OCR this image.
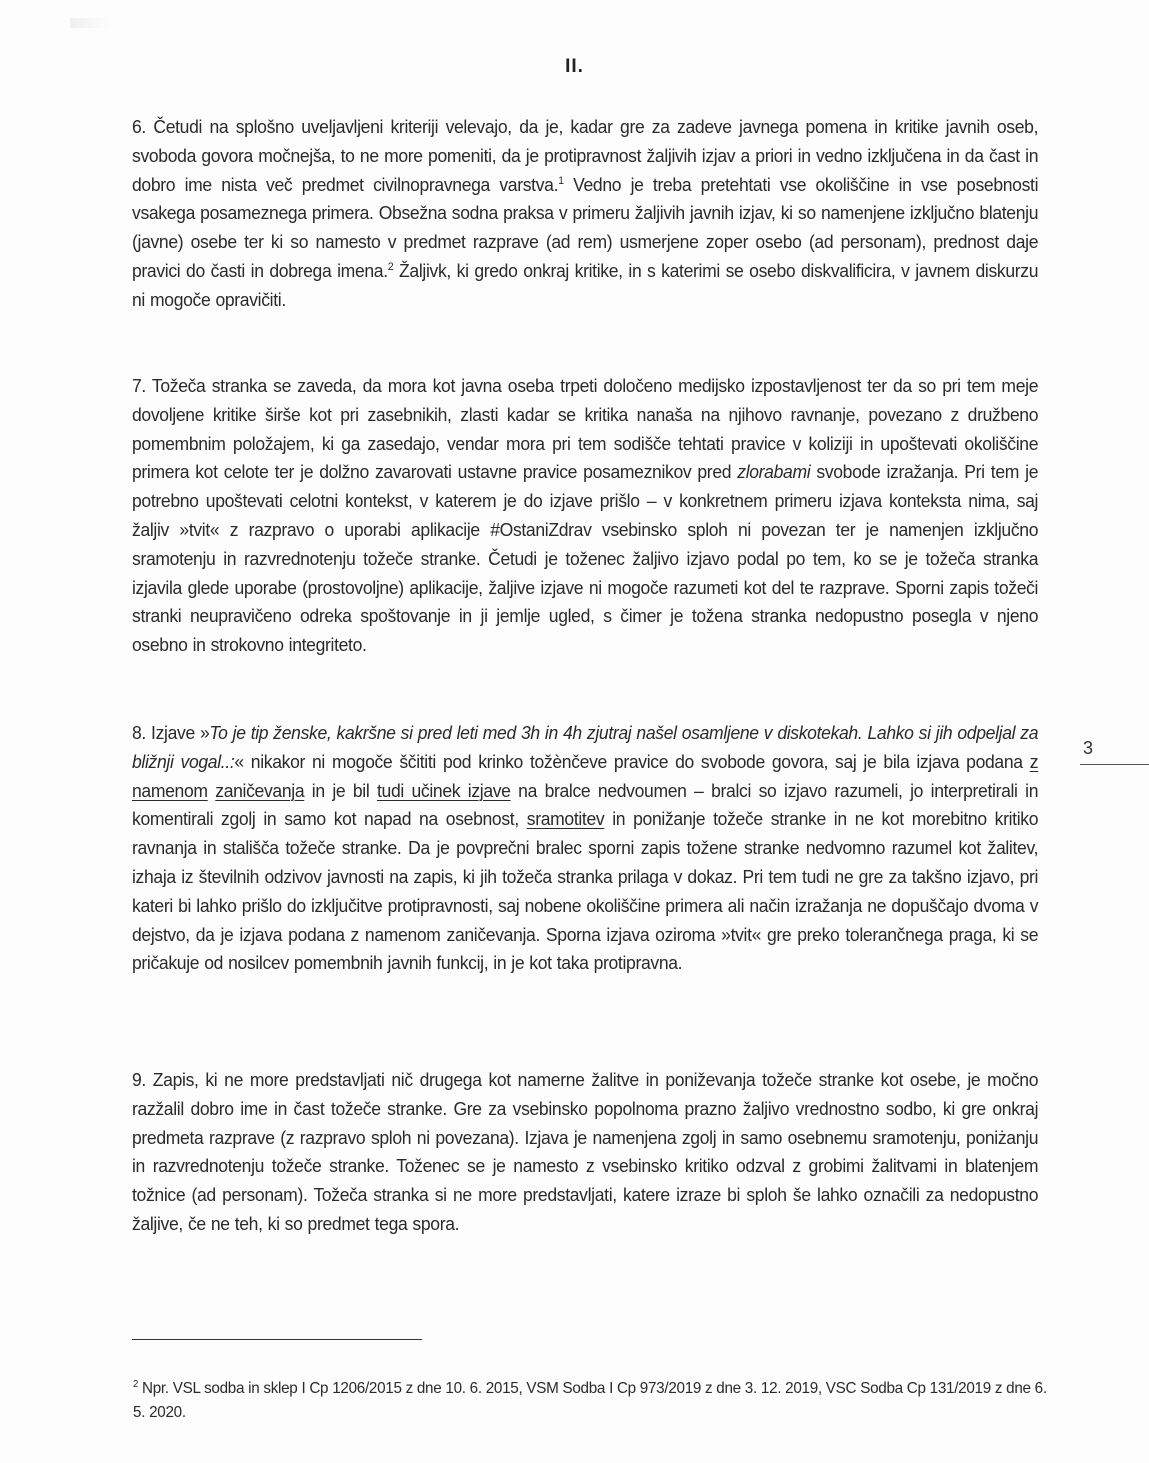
II.

6. Četudi na splošno uveljavljeni kriteriji velevajo, da je, kadar gre za zadeve javnega pomena in kritike javnih oseb, svoboda govora močnejša, to ne more pomeniti, da je protipravnost žaljivih izjav a priori in vedno izključena in da čast in dobro ime nista več predmet civilnopravnega varstva.$^1$ Vedno je treba pretehtati vse okoliščine in vse posebnosti vsakega posameznega primera. Obsežna sodna praksa v primeru žaljivih javnih izjav, ki so namenjene izključno blatenju (javne) osebe ter ki so namesto v predmet razprave (ad rem) usmerjene zoper osebo (ad personam), prednost daje pravici do časti in dobrega imena.$^2$ Žaljivk, ki gredo onkraj kritike, in s katerimi se osebo diskvalificira, v javnem diskurzu ni mogoče opravičiti.

7. Tožeča stranka se zaveda, da mora kot javna oseba trpeti določeno medijsko izpostavljenost ter da so pri tem meje dovoljene kritike širše kot pri zasebnikih, zlasti kadar se kritika nanaša na njihovo ravnanje, povezano z družbeno pomembnim položajem, ki ga zasedajo, vendar mora pri tem sodišče tehtati pravice v koliziji in upoštevati okoliščine primera kot celote ter je dolžno zavarovati ustavne pravice posameznikov pred zlorabami svobode izražanja. Pri tem je potrebno upoštevati celotni kontekst, v katerem je do izjave prišlo – v konkretnem primeru izjava konteksta nima, saj žaljiv »tvit« z razpravo o uporabi aplikacije #OstaniZdrav vsebinsko sploh ni povezan ter je namenjen izključno sramotenju in razvrednotenju tožeče stranke. Četudi je toženec žaljivo izjavo podal po tem, ko se je tožeča stranka izjavila glede uporabe (prostovoljne) aplikacije, žaljive izjave ni mogoče razumeti kot del te razprave. Sporni zapis tožeči stranki neupravičeno odreka spoštovanje in ji jemlje ugled, s čimer je tožena stranka nedopustno posegla v njeno osebno in strokovno integriteto.

8. Izjave »To je tip ženske, kakršne si pred leti med 3h in 4h zjutraj našel osamljene v diskotekah. Lahko si jih odpeljal za bližnji vogal..:« nikakor ni mogoče ščititi pod krinko tožènčeve pravice do svobode govora, saj je bila izjava podana z namenom zaničevanja in je bil tudi učinek izjave na bralce nedvoumen – bralci so izjavo razumeli, jo interpretirali in komentirali zgolj in samo kot napad na osebnost, sramotitev in ponižanje tožeče stranke in ne kot morebitno kritiko ravnanja in stališča tožeče stranke. Da je povprečni bralec sporni zapis tožene stranke nedvomno razumel kot žalitev, izhaja iz številnih odzivov javnosti na zapis, ki jih tožeča stranka prilaga v dokaz. Pri tem tudi ne gre za takšno izjavo, pri kateri bi lahko prišlo do izključitve protipravnosti, saj nobene okoliščine primera ali način izražanja ne dopuščajo dvoma v dejstvo, da je izjava podana z namenom zaničevanja. Sporna izjava oziroma »tvit« gre preko tolerančnega praga, ki se pričakuje od nosilcev pomembnih javnih funkcij, in je kot taka protipravna.

9. Zapis, ki ne more predstavljati nič drugega kot namerne žalitve in poniževanja tožeče stranke kot osebe, je močno razžalil dobro ime in čast tožeče stranke. Gre za vsebinsko popolnoma prazno žaljivo vrednostno sodbo, ki gre onkraj predmeta razprave (z razpravo sploh ni povezana). Izjava je namenjena zgolj in samo osebnemu sramotenju, poniżanju in razvrednotenju tožeče stranke. Toženec se je namesto z vsebinsko kritiko odzval z grobimi žalitvami in blatenjem tožnice (ad personam). Tožeča stranka si ne more predstavljati, katere izraze bi sploh še lahko označili za nedopustno žaljive, če ne teh, ki so predmet tega spora.

3
$^2$ Npr. VSL sodba in sklep I Cp 1206/2015 z dne 10. 6. 2015, VSM Sodba I Cp 973/2019 z dne 3. 12. 2019, VSC Sodba Cp 131/2019 z dne 6. 5. 2020.
